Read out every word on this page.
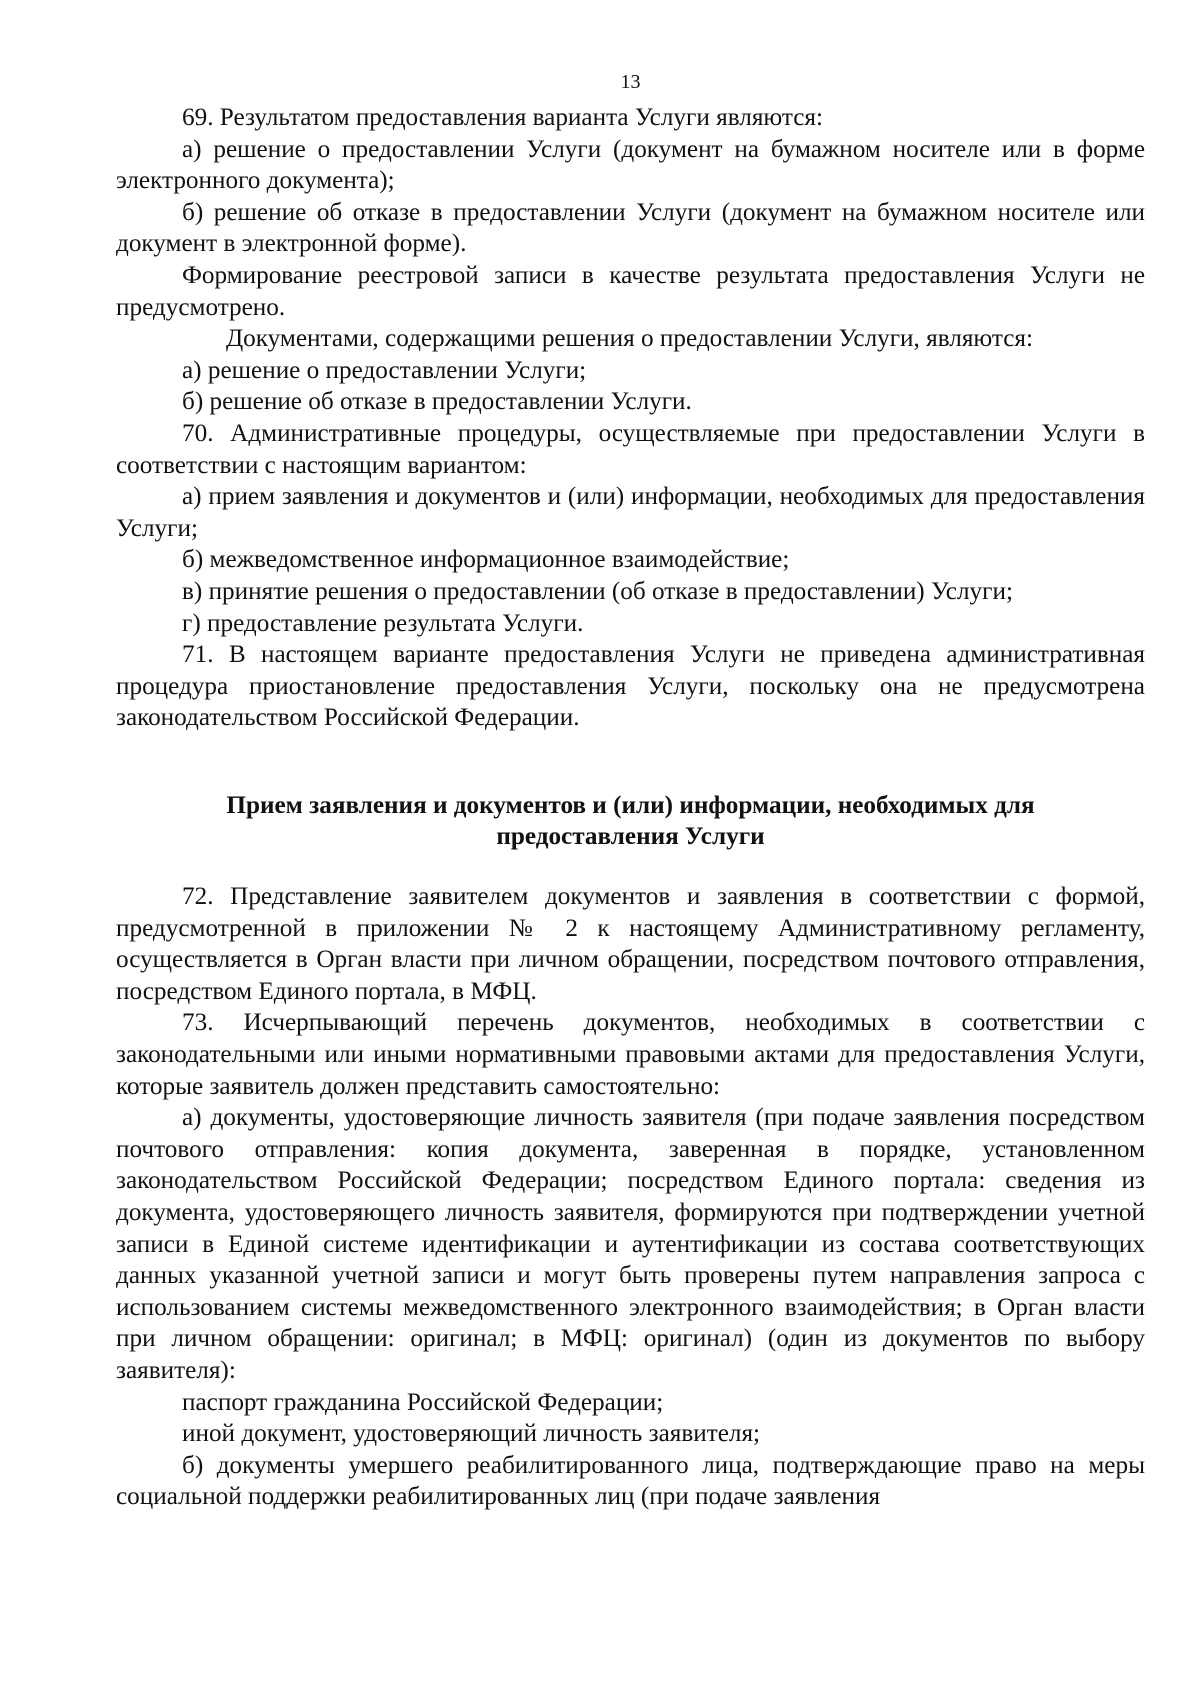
13

69. Результатом предоставления варианта Услуги являются:

а) решение о предоставлении Услуги (документ на бумажном носителе или в форме электронного документа);

б) решение об отказе в предоставлении Услуги (документ на бумажном носителе или документ в электронной форме).

Формирование реестровой записи в качестве результата предоставления Услуги не предусмотрено.

Документами, содержащими решения о предоставлении Услуги, являются:

а) решение о предоставлении Услуги;

б) решение об отказе в предоставлении Услуги.

70. Административные процедуры, осуществляемые при предоставлении Услуги в соответствии с настоящим вариантом:

а) прием заявления и документов и (или) информации, необходимых для предоставления Услуги;

б) межведомственное информационное взаимодействие;

в) принятие решения о предоставлении (об отказе в предоставлении) Услуги;

г) предоставление результата Услуги.

71. В настоящем варианте предоставления Услуги не приведена административная процедура приостановление предоставления Услуги, поскольку она не предусмотрена законодательством Российской Федерации.

Прием заявления и документов и (или) информации, необходимых для
предоставления Услуги

72. Представление заявителем документов и заявления в соответствии с формой, предусмотренной в приложении № 2 к настоящему Административному регламенту, осуществляется в Орган власти при личном обращении, посредством почтового отправления, посредством Единого портала, в МФЦ.

73. Исчерпывающий перечень документов, необходимых в соответствии с законодательными или иными нормативными правовыми актами для предоставления Услуги, которые заявитель должен представить самостоятельно:

а) документы, удостоверяющие личность заявителя (при подаче заявления посредством почтового отправления: копия документа, заверенная в порядке, установленном законодательством Российской Федерации; посредством Единого портала: сведения из документа, удостоверяющего личность заявителя, формируются при подтверждении учетной записи в Единой системе идентификации и аутентификации из состава соответствующих данных указанной учетной записи и могут быть проверены путем направления запроса с использованием системы межведомственного электронного взаимодействия; в Орган власти при личном обращении: оригинал; в МФЦ: оригинал) (один из документов по выбору заявителя):

паспорт гражданина Российской Федерации;

иной документ, удостоверяющий личность заявителя;

б) документы умершего реабилитированного лица, подтверждающие право на меры социальной поддержки реабилитированных лиц (при подаче заявления
